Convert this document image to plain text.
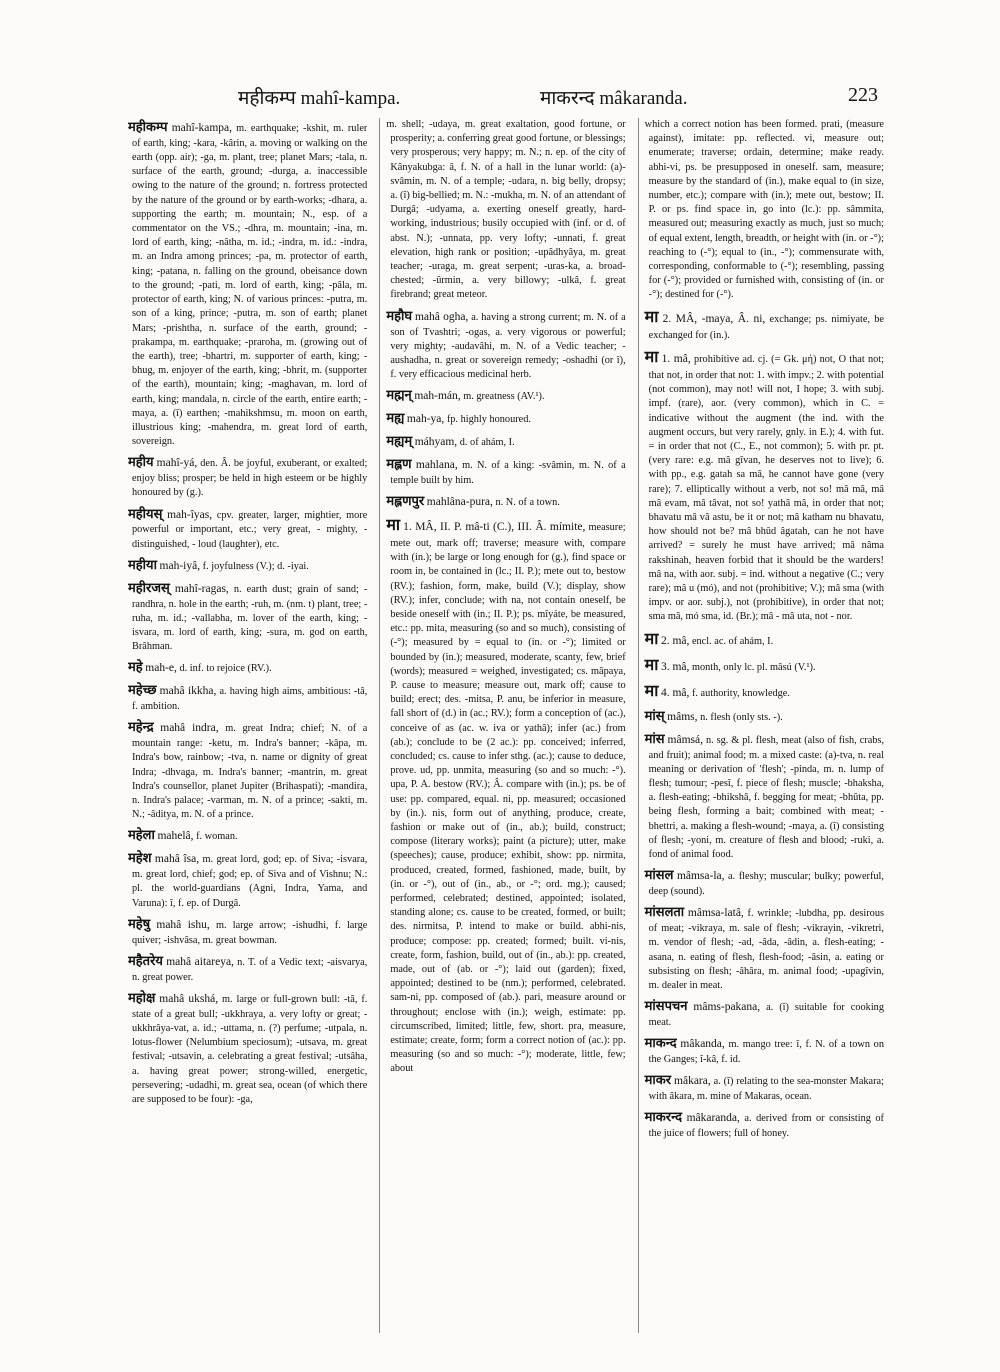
महीकम्प mahî-kampa.	माकरन्द mâkaranda.	223

महीकम्प mahî-kampa, m. earthquake; -kshit, m. ruler of earth, king; -kara, -kârin, a. moving or walking on the earth (opp. air); -ga, m. plant, tree; planet Mars; -tala, n. surface of the earth, ground; -durga, a. inaccessible owing to the nature of the ground; n. fortress protected by the nature of the ground or by earth-works; -dhara, a. supporting the earth; m. mountain; N., esp. of a commentator on the VS.; -dhra, m. mountain; -ina, m. lord of earth, king; -nâtha, m. id.; -indra, m. id.: -indra, m. an Indra among princes; -pa, m. protector of earth, king; -patana, n. falling on the ground, obeisance down to the ground; -pati, m. lord of earth, king; -pâla, m. protector of earth, king; N. of various princes: -putra, m. son of a king, prince; -putra, m. son of earth; planet Mars; -prishtha, n. surface of the earth, ground; -prakampa, m. earthquake; -praroha, m. (growing out of the earth), tree; -bhartri, m. supporter of earth, king; -bhug, m. enjoyer of the earth, king; -bhrit, m. (supporter of the earth), mountain; king; -maghavan, m. lord of earth, king; mandala, n. circle of the earth, entire earth; -maya, a. (î) earthen; -mahikshmsu, m. moon on earth, illustrious king; -mahendra, m. great lord of earth, sovereign.

महीय mahî-yá, den. Â. be joyful, exuberant, or exalted; enjoy bliss; prosper; be held in high esteem or be highly honoured by (g.).

महीयस् mah-îyas, cpv. greater, larger, mightier, more powerful or important, etc.; very great, - mighty, - distinguished, - loud (laughter), etc.

महीया mah-iyâ, f. joyfulness (V.); d. -iyai.

महीरजस् mahî-ragas, n. earth dust; grain of sand; -randhra, n. hole in the earth; -ruh, m. (nm. t) plant, tree; -ruha, m. id.; -vallabha, m. lover of the earth, king; -isvara, m. lord of earth, king; -sura, m. god on earth, Brâhman.

महे mah-e, d. inf. to rejoice (RV.).

महेच्छ mahâ ikkha, a. having high aims, ambitious: -tâ, f. ambition.

महेन्द्र mahâ indra, m. great Indra; chief; N. of a mountain range: -ketu, m. Indra's banner; -kâpa, m. Indra's bow, rainbow; -tva, n. name or dignity of great Indra; -dhvaga, m. Indra's banner; -mantrin, m. great Indra's counsellor, planet Jupiter (Brihaspati); -mandira, n. Indra's palace; -varman, m. N. of a prince; -sakti, m. N.; -âditya, m. N. of a prince.

महेला mahelâ, f. woman.

महेश mahâ îsa, m. great lord, god; ep. of Siva; -isvara, m. great lord, chief; god; ep. of Siva and of Vishnu; N.: pl. the world-guardians (Agni, Indra, Yama, and Varuna): î, f. ep. of Durgâ.

महेषु mahâ ishu, m. large arrow; -ishudhi, f. large quiver; -ishvâsa, m. great bowman.

महैतरेय mahâ aitareya, n. T. of a Vedic text; -aisvarya, n. great power.

महोक्ष mahâ ukshá, m. large or full-grown bull: -tâ, f. state of a great bull; -ukkhraya, a. very lofty or great; -ukkhrâya-vat, a. id.; -uttama, n. (?) perfume; -utpala, n. lotus-flower (Nelumbium speciosum); -utsava, m. great festival; -utsavin, a. celebrating a great festival; -utsâha, a. having great power; strong-willed, energetic, persevering; -udadhi, m. great sea, ocean (of which there are supposed to be four): -ga,

m. shell; -udaya, m. great exaltation, good fortune, or prosperity; a. conferring great good fortune, or blessings; very prosperous; very happy; m. N.; n. ep. of the city of Kânyakubga: â, f. N. of a hall in the lunar world: (a)-svâmin, m. N. of a temple; -udara, n. big belly, dropsy; a. (î) big-bellied; m. N.: -mukha, m. N. of an attendant of Durgâ; -udyama, a. exerting oneself greatly, hard-working, industrious; busily occupied with (inf. or d. of abst. N.); -unnata, pp. very lofty; -unnati, f. great elevation, high rank or position; -upâdhyâya, m. great teacher; -uraga, m. great serpent; -uras-ka, a. broad-chested; -ûrmin, a. very billowy; -ulkâ, f. great firebrand; great meteor.

महौघ mahâ ogha, a. having a strong current; m. N. of a son of Tvashtri; -ogas, a. very vigorous or powerful; very mighty; -audavâhi, m. N. of a Vedic teacher; -aushadha, n. great or sovereign remedy; -oshadhi (or î), f. very efficacious medicinal herb.

मह्मन् mah-mán, m. greatness (AV.¹).

मह्य mah-ya, fp. highly honoured.

मह्यम् máhyam, d. of ahám, I.

मह्लण mahlana, m. N. of a king: -svâmin, m. N. of a temple built by him.

मह्लणपुर mahlâna-pura, n. N. of a town.

मा 1. MÂ, II. P. mâ-ti (C.), III. Â. mímite, measure; mete out, mark off; traverse; measure with, compare with (in.); be large or long enough for (g.), find space or room in, be contained in (lc.; II. P.); mete out to, bestow (RV.); fashion, form, make, build (V.); display, show (RV.); infer, conclude; with na, not contain oneself, be beside oneself with (in.; II. P.); ps. mîyáte, be measured, etc.: pp. mita, measuring (so and so much), consisting of (-°); measured by = equal to (in. or -°); limited or bounded by (in.); measured, moderate, scanty, few, brief (words); measured = weighed, investigated; cs. mâpaya, P. cause to measure; measure out, mark off; cause to build; erect; des. -mitsa, P. anu, be inferior in measure, fall short of (d.) in (ac.; RV.); form a conception of (ac.), conceive of as (ac. w. iva or yathâ); infer (ac.) from (ab.); conclude to be (2 ac.): pp. conceived; inferred, concluded; cs. cause to infer sthg. (ac.); cause to deduce, prove. ud, pp. unmita, measuring (so and so much: -°). upa, P. A. bestow (RV.); Â. compare with (in.); ps. be of use: pp. compared, equal. ni, pp. measured; occasioned by (in.). nis, form out of anything, produce, create, fashion or make out of (in., ab.); build, construct; compose (literary works); paint (a picture); utter, make (speeches); cause, produce; exhibit, show: pp. nirmita, produced, created, formed, fashioned, made, built, by (in. or -°), out of (in., ab., or -°; ord. mg.); caused; performed, celebrated; destined, appointed; isolated, standing alone; cs. cause to be created, formed, or built; des. nirmitsa, P. intend to make or build. abhi-nis, produce; compose: pp. created; formed; built. vi-nis, create, form, fashion, build, out of (in., ab.): pp. created, made, out of (ab. or -°); laid out (garden); fixed, appointed; destined to be (nm.); performed, celebrated. sam-ni, pp. composed of (ab.). pari, measure around or throughout; enclose with (in.); weigh, estimate: pp. circumscribed, limited; little, few, short. pra, measure, estimate; create, form; form a correct notion of (ac.): pp. measuring (so and so much: -°); moderate, little, few; about

which a correct notion has been formed. prati, (measure against), imitate: pp. reflected. vi, measure out; enumerate; traverse; ordain, determine; make ready. abhi-vi, ps. be presupposed in oneself. sam, measure; measure by the standard of (in.), make equal to (in size, number, etc.); compare with (in.); mete out, bestow; II. P. or ps. find space in, go into (lc.): pp. sâmmita, measured out; measuring exactly as much, just so much; of equal extent, length, breadth, or height with (in. or -°); reaching to (-°); equal to (in., -°); commensurate with, corresponding, conformable to (-°); resembling, passing for (-°); provided or furnished with, consisting of (in. or -°); destined for (-°).

मा 2. MÂ, -maya, Â. ni, exchange; ps. nimiyate, be exchanged for (in.).

मा 1. mâ, prohibitive ad. cj. (= Gk. μή) not, O that not; that not, in order that not: 1. with impv.; 2. with potential (not common), may not! will not, I hope; 3. with subj. impf. (rare), aor. (very common), which in C. = indicative without the augment (the ind. with the augment occurs, but very rarely, gnly. in E.); 4. with fut. = in order that not (C., E., not common); 5. with pr. pt. (very rare: e.g. mâ gîvan, he deserves not to live); 6. with pp., e.g. gatah sa mâ, he cannot have gone (very rare); 7. elliptically without a verb, not so! mâ mâ, mâ mâ evam, mâ tâvat, not so! yathâ mâ, in order that not; bhavatu mâ vâ astu, be it or not; mâ katham nu bhavatu, how should not be? mâ bhûd âgatah, can he not have arrived? = surely he must have arrived; mâ nâma rakshinah, heaven forbid that it should be the warders! mâ na, with aor. subj. = ind. without a negative (C.; very rare); mâ u (mó), and not (prohibitive; V.); mâ sma (with impv. or aor. subj.), not (prohibitive), in order that not; sma mâ, mó sma, id. (Br.); mâ - mâ uta, not - nor.

मा 2. mâ, encl. ac. of ahám, I.

मा 3. mâ, month, only lc. pl. mâsú (V.¹).

मा 4. mâ, f. authority, knowledge.

मांस् mâms, n. flesh (only sts. -).

मांस mâmsá, n. sg. & pl. flesh, meat (also of fish, crabs, and fruit); animal food; m. a mixed caste: (a)-tva, n. real meaning or derivation of 'flesh'; -pinda, m. n. lump of flesh; tumour; -pesî, f. piece of flesh; muscle; -bhaksha, a. flesh-eating; -bhikshâ, f. begging for meat; -bhûta, pp. being flesh, forming a bait; combined with meat; -bhettri, a. making a flesh-wound; -maya, a. (î) consisting of flesh; -yoni, m. creature of flesh and blood; -ruki, a. fond of animal food.

मांसल mâmsa-la, a. fleshy; muscular; bulky; powerful, deep (sound).

मांसलता mâmsa-latâ, f. wrinkle; -lubdha, pp. desirous of meat; -vikraya, m. sale of flesh; -vikrayin, -vikretri, m. vendor of flesh; -ad, -âda, -âdin, a. flesh-eating; -asana, n. eating of flesh, flesh-food; -âsin, a. eating or subsisting on flesh; -âhâra, m. animal food; -upagîvin, m. dealer in meat.

मांसपचन mâms-pakana, a. (î) suitable for cooking meat.

माकन्द mâkanda, m. mango tree: î, f. N. of a town on the Ganges; î-kâ, f. id.

माकर mâkara, a. (î) relating to the sea-monster Makara; with âkara, m. mine of Makaras, ocean.

माकरन्द mâkaranda, a. derived from or consisting of the juice of flowers; full of honey.
